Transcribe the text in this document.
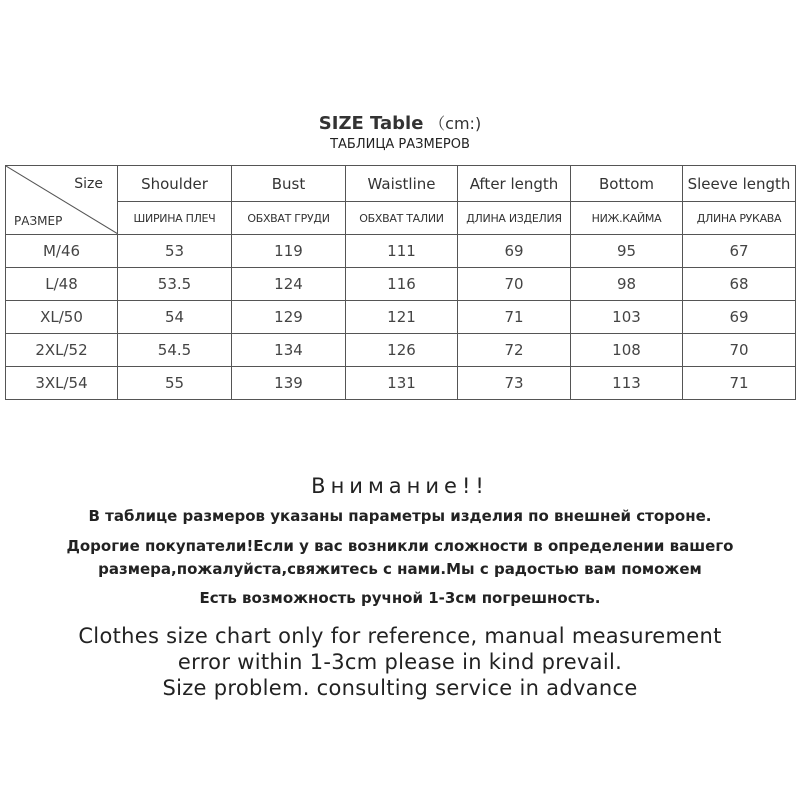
SIZE Table （cm:)
ТАБЛИЦА РАЗМЕРОВ
Size
РАЗМЕР	Shoulder	Bust	Waistline	After length	Bottom	Sleeve length
	ШИРИНА ПЛЕЧ	ОБХВАТ ГРУДИ	ОБХВАТ ТАЛИИ	ДЛИНА ИЗДЕЛИЯ	НИЖ.КАЙМА	ДЛИНА РУКАВА
M/46	53	119	111	69	95	67
L/48	53.5	124	116	70	98	68
XL/50	54	129	121	71	103	69
2XL/52	54.5	134	126	72	108	70
3XL/54	55	139	131	73	113	71
Внимание!!
В таблице размеров указаны параметры изделия по внешней стороне.
Дорогие покупатели!Если у вас возникли сложности в определении вашего
размера,пожалуйста,свяжитесь с нами.Мы с радостью вам поможем
Есть возможность ручной 1-3см погрешность.
Clothes size chart only for reference, manual measurement
error within 1-3cm please in kind prevail.
Size problem. consulting service in advance
